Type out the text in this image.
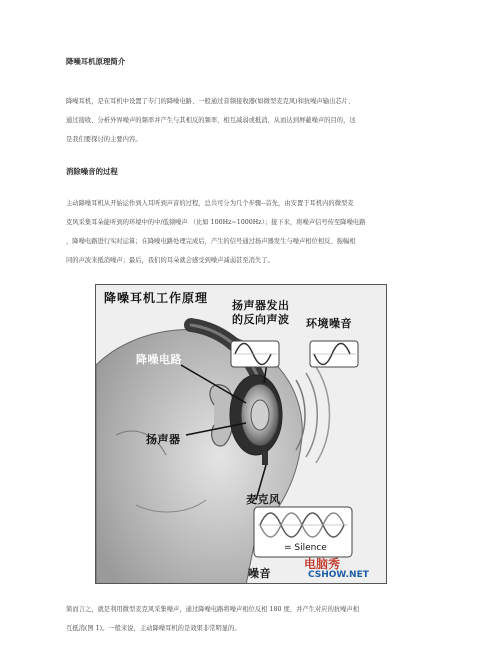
降噪耳机原理简介
降噪耳机，是在耳机中设置了专门的降噪电路、一般通过音频接收器(如微型麦克风)和抗噪声输出芯片、
通过接收、分析外界噪声的频率并产生与其相反的频率，相互减弱或抵消，从而达到屏蔽噪声的目的，这
是我们要探讨的主要内容。
消除噪音的过程
主动降噪耳机从开始运作到人耳听到声音的过程，总共可分为几个步骤--首先，由安置于耳机内的微型麦
克风采集耳朵能听到的环境中的中/低频噪声 （比如 100Hz~1000Hz）；接下来，将噪声信号传至降噪电路
，降噪电路进行实时运算；在降噪电路处理完成后，产生的信号通过扬声器发生与噪声相位相反、振幅相
同的声波来抵消噪声；最后，我们的耳朵就会感受到噪声减弱甚至消失了。
降噪耳机工作原理
降噪电路
扬声器
扬声器发出
的反向声波 环境噪音
麦克风
= Silence
噪音
电脑秀
CSHOW.NET
简而言之，就是利用微型麦克风采集噪声，通过降噪电路将噪声相位反相 180 度，并产生对应的抗噪声相
互抵消(图 1)。一般来说，主动降噪耳机的是效果非常明显的。
